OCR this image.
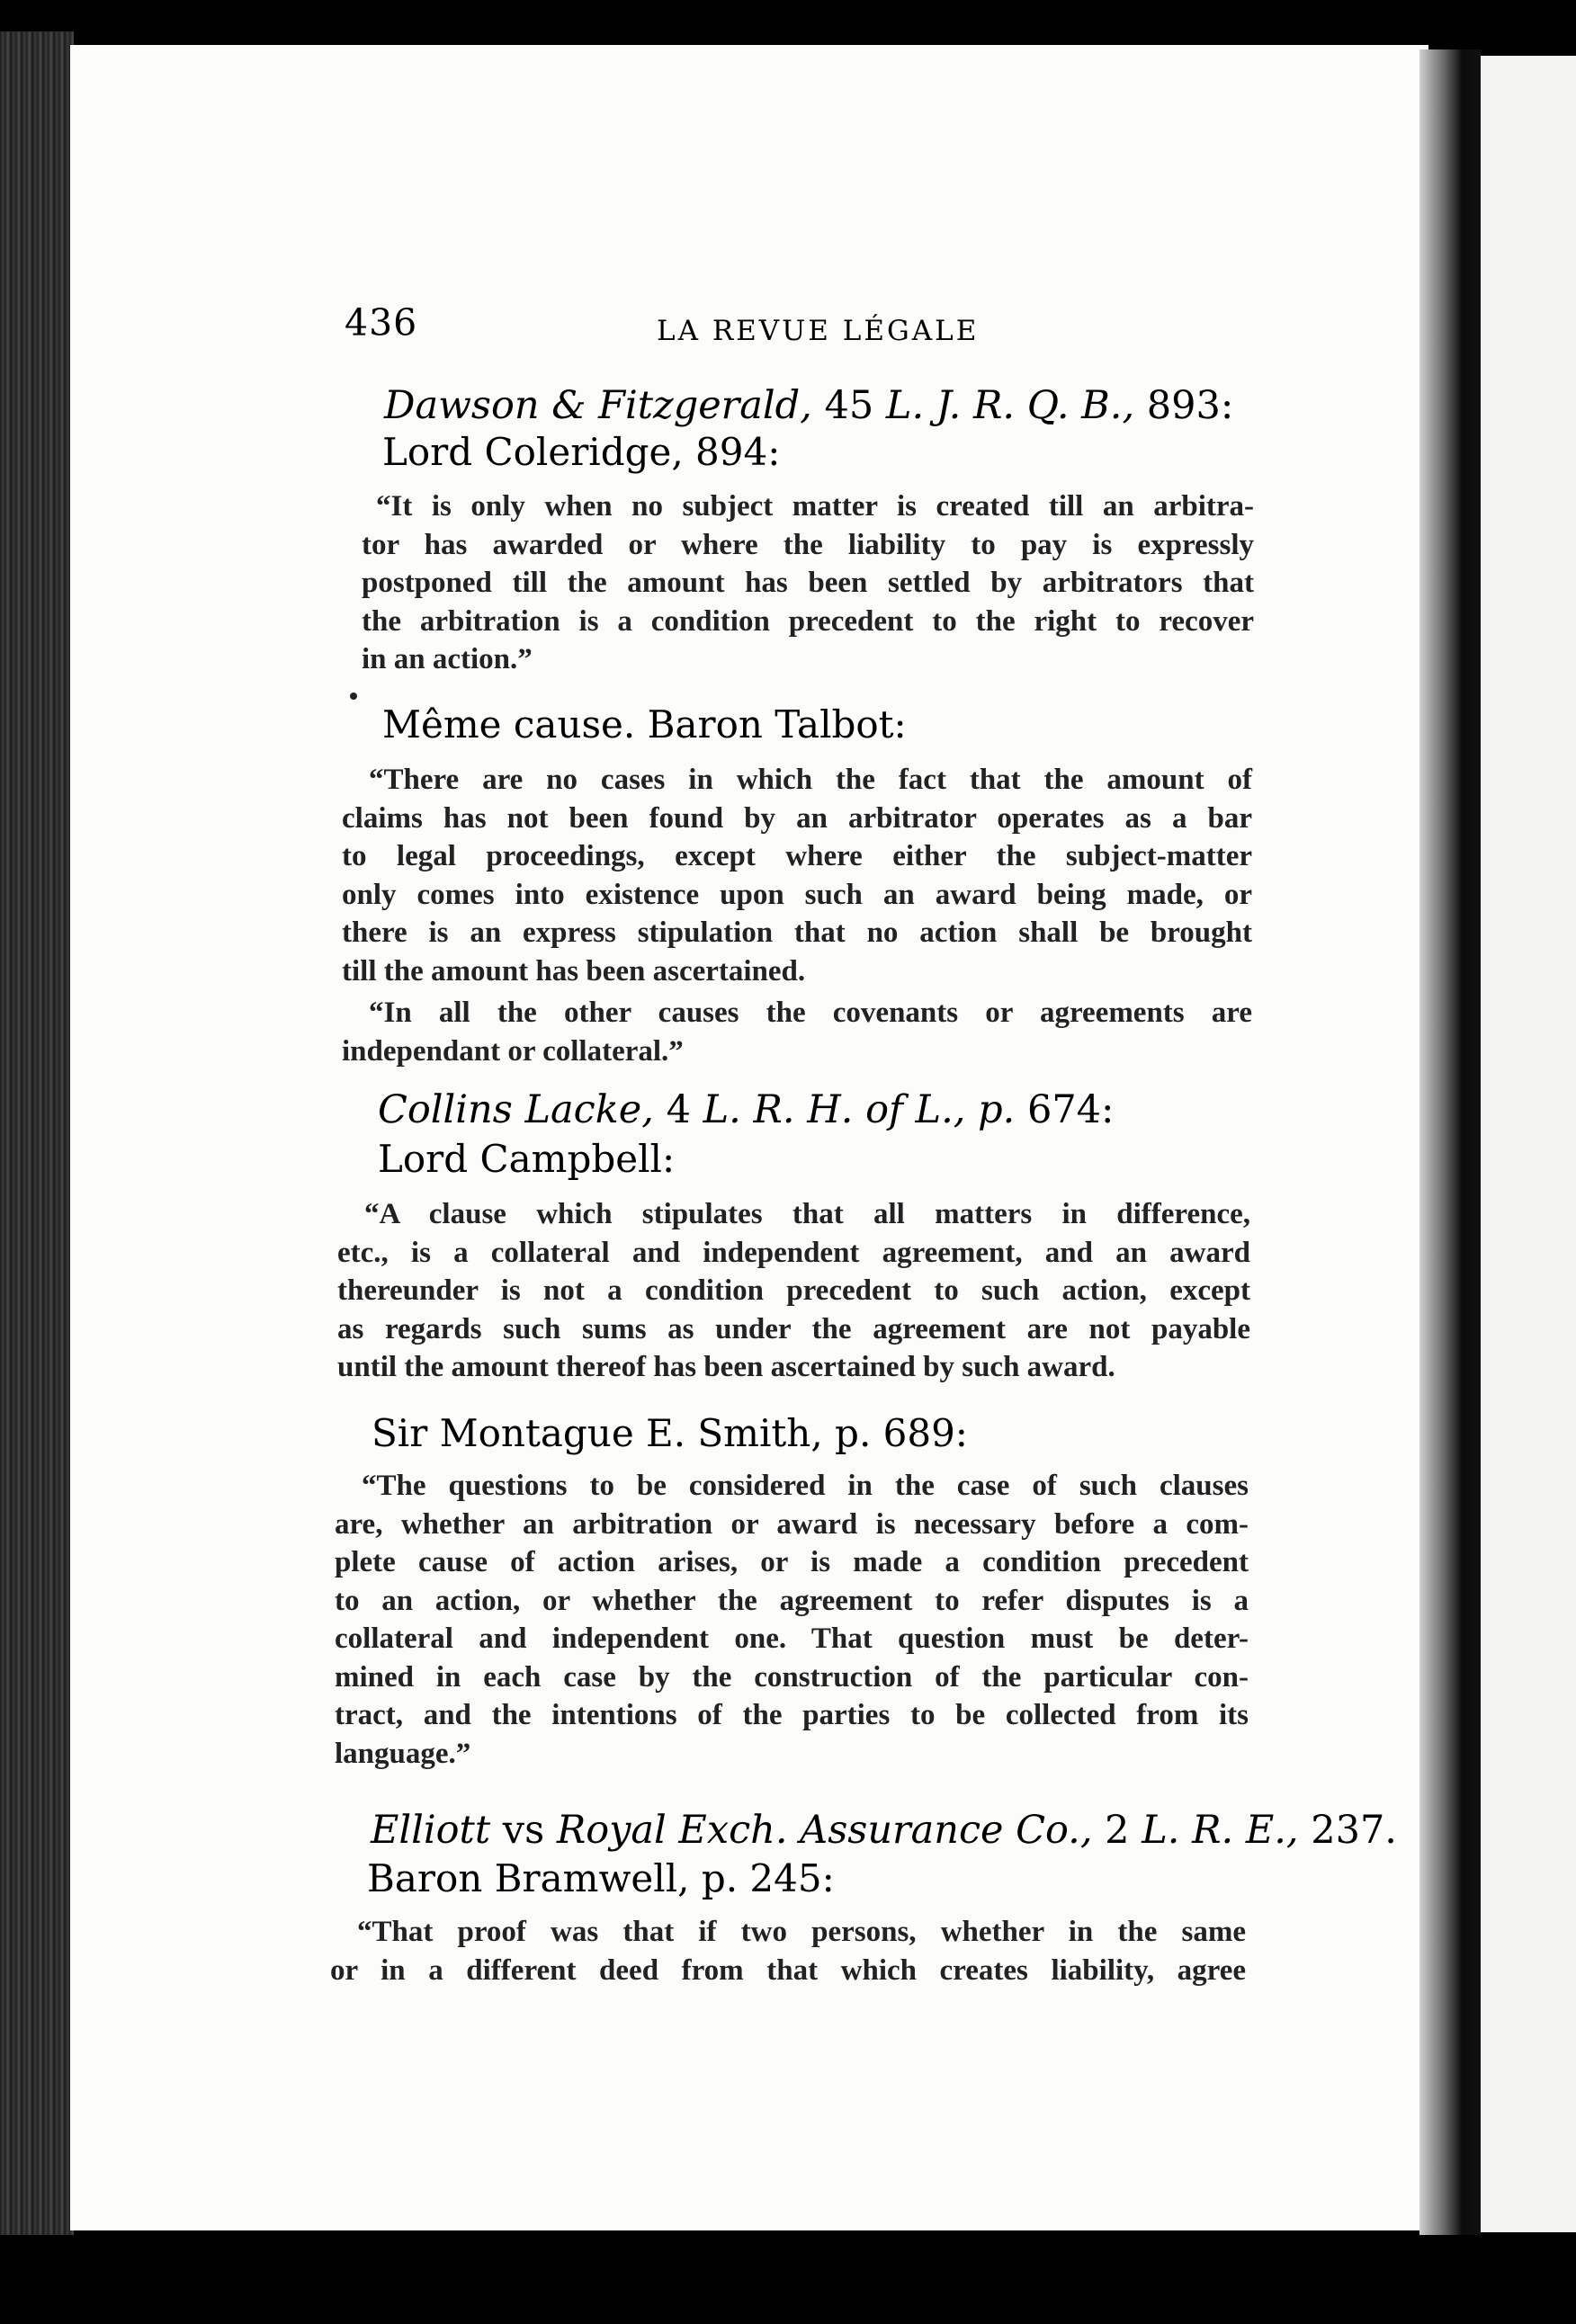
436	LA REVUE LÉGALE
Dawson & Fitzgerald, 45 L. J. R. Q. B., 893:
Lord Coleridge, 894:
“It is only when no subject matter is created till an arbitra-
tor has awarded or where the liability to pay is expressly
postponed till the amount has been settled by arbitrators that
the arbitration is a condition precedent to the right to recover
in an action.”
Même cause. Baron Talbot:
“There are no cases in which the fact that the amount of
claims has not been found by an arbitrator operates as a bar
to legal proceedings, except where either the subject-matter
only comes into existence upon such an award being made, or
there is an express stipulation that no action shall be brought
till the amount has been ascertained.
“In all the other causes the covenants or agreements are
independant or collateral.”
Collins Lacke, 4 L. R. H. of L., p. 674:
Lord Campbell:
“A clause which stipulates that all matters in difference,
etc., is a collateral and independent agreement, and an award
thereunder is not a condition precedent to such action, except
as regards such sums as under the agreement are not payable
until the amount thereof has been ascertained by such award.
Sir Montague E. Smith, p. 689:
“The questions to be considered in the case of such clauses
are, whether an arbitration or award is necessary before a com-
plete cause of action arises, or is made a condition precedent
to an action, or whether the agreement to refer disputes is a
collateral and independent one. That question must be deter-
mined in each case by the construction of the particular con-
tract, and the intentions of the parties to be collected from its
language.”
Elliott vs Royal Exch. Assurance Co., 2 L. R. E., 237.
Baron Bramwell, p. 245:
“That proof was that if two persons, whether in the same
or in a different deed from that which creates liability, agree
